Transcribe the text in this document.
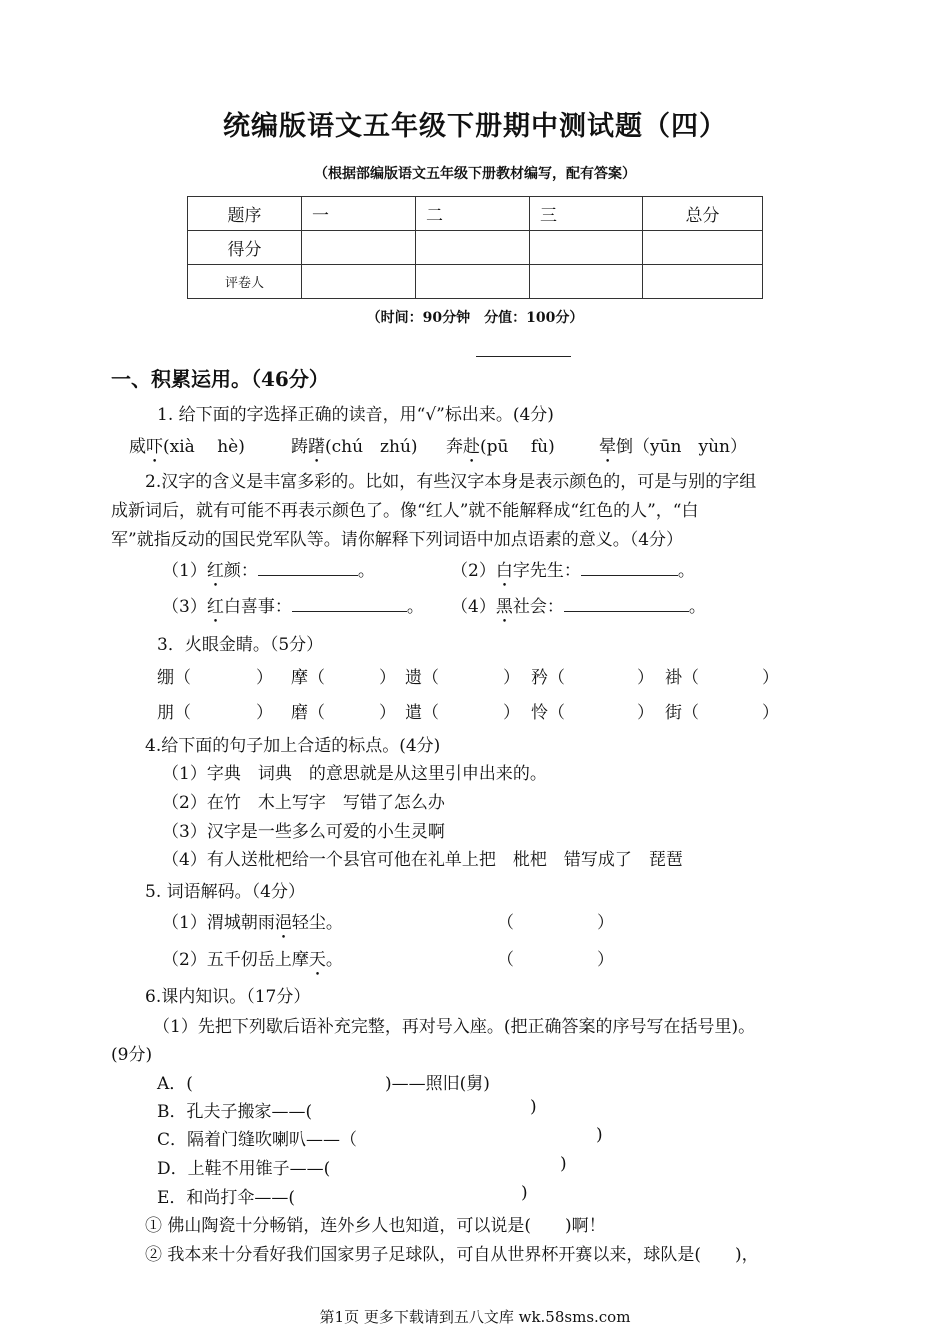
统编版语文五年级下册期中测试题（四）
（根据部编版语文五年级下册教材编写，配有答案）
题序	一	二	三	总分
得分				
评卷人				
（时间：90分钟　分值：100分）
一、积累运用。（46分）
1. 给下面的字选择正确的读音，用“√”标出来。(4分)
威吓(xià　 hè)	踌躇(chú　zhú) 奔赴(pū　 fù)	晕倒（yūn　yùn）
2.汉字的含义是丰富多彩的。比如，有些汉字本身是表示颜色的，可是与别的字组
成新词后，就有可能不再表示颜色了。像“红人”就不能解释成“红色的人”，“白
军”就指反动的国民党军队等。请你解释下列词语中加点语素的意义。（4分）
（1）红颜：	。	（2）白字先生：	。
（3）红白喜事：	。 （4）黑社会：	。
3．火眼金睛。（5分）
绷（	） 摩（	） 遗（	） 矜（	） 褂（	）
朋（	） 磨（	） 遣（	） 怜（	） 街（	）
4.给下面的句子加上合适的标点。(4分)
（1）字典　词典　的意思就是从这里引申出来的。
（2）在竹　木上写字　写错了怎么办
（3）汉字是一些多么可爱的小生灵啊
（4）有人送枇杷给一个县官可他在礼单上把　枇杷　错写成了　琵琶
5. 词语解码。（4分）
（1）渭城朝雨浥轻尘。	（	）
（2）五千仞岳上摩天。	（	）
6.课内知识。（17分）
（1）先把下列歇后语补充完整，再对号入座。(把正确答案的序号写在括号里)。
(9分)
A．(	)——照旧(舅)
B．孔夫子搬家——(	)
C．隔着门缝吹喇叭——（	)
D．上鞋不用锥子——(	)
E．和尚打伞——(	)
① 佛山陶瓷十分畅销，连外乡人也知道，可以说是(　　)啊！
② 我本来十分看好我们国家男子足球队，可自从世界杯开赛以来，球队是(　　)，
第1页 更多下载请到五八文库 wk.58sms.com
